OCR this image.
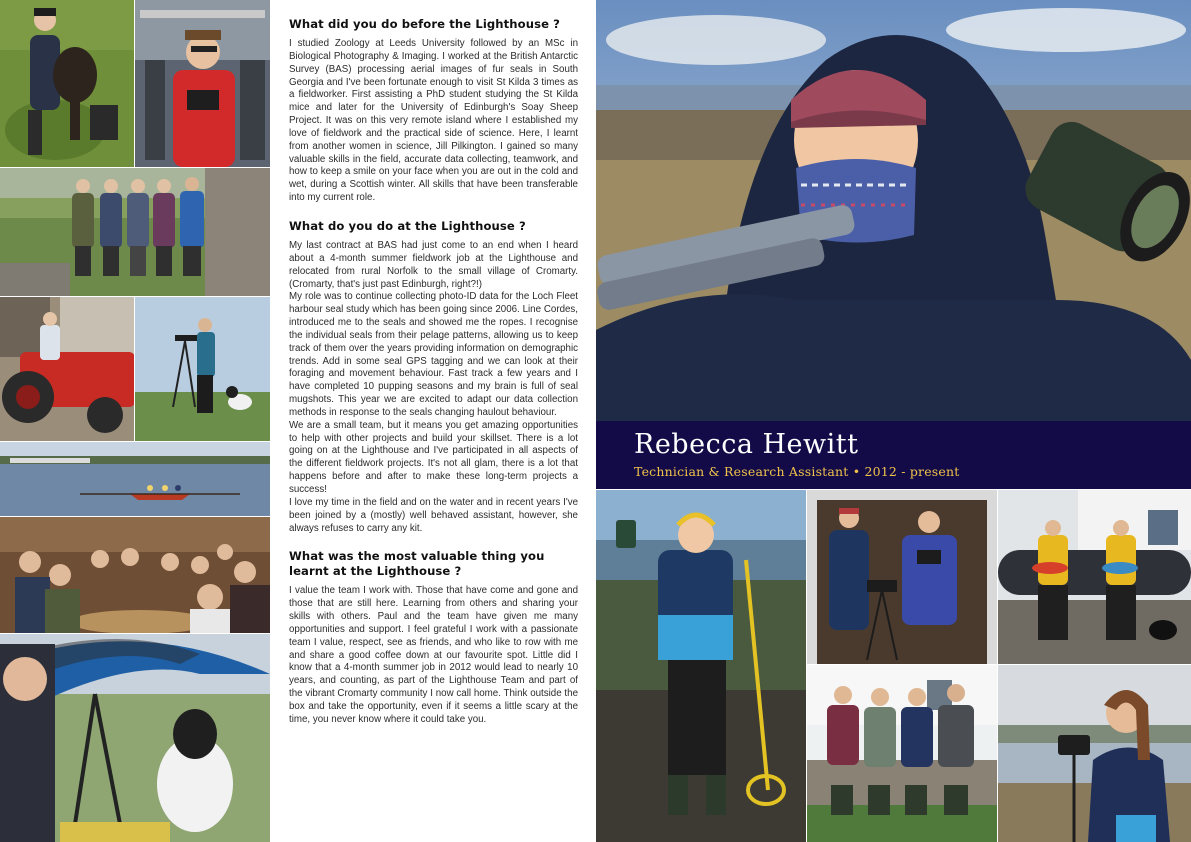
What did you do before the Lighthouse ?

I studied Zoology at Leeds University followed by an MSc in Biological Photography & Imaging. I worked at the British Antarctic Survey (BAS) processing aerial images of fur seals in South Georgia and I've been fortunate enough to visit St Kilda 3 times as a fieldworker. First assisting a PhD student studying the St Kilda mice and later for the University of Edinburgh's Soay Sheep Project. It was on this very remote island where I established my love of fieldwork and the practical side of science. Here, I learnt from another women in science, Jill Pilkington. I gained so many valuable skills in the field, accurate data collecting, teamwork, and how to keep a smile on your face when you are out in the cold and wet, during a Scottish winter. All skills that have been transferable into my current role.

What do you do at the Lighthouse ?

My last contract at BAS had just come to an end when I heard about a 4-month summer fieldwork job at the Lighthouse and relocated from rural Norfolk to the small village of Cromarty. (Cromarty, that's just past Edinburgh, right?!)

My role was to continue collecting photo-ID data for the Loch Fleet harbour seal study which has been going since 2006. Line Cordes, introduced me to the seals and showed me the ropes. I recognise the individual seals from their pelage patterns, allowing us to keep track of them over the years providing information on demographic trends. Add in some seal GPS tagging and we can look at their foraging and movement behaviour. Fast track a few years and I have completed 10 pupping seasons and my brain is full of seal mugshots. This year we are excited to adapt our data collection methods in response to the seals changing haulout behaviour.

We are a small team, but it means you get amazing opportunities to help with other projects and build your skillset. There is a lot going on at the Lighthouse and I've participated in all aspects of the different fieldwork projects. It's not all glam, there is a lot that happens before and after to make these long-term projects a success!

I love my time in the field and on the water and in recent years I've been joined by a (mostly) well behaved assistant, however, she always refuses to carry any kit.

What was the most valuable thing you learnt at the Lighthouse ?

I value the team I work with. Those that have come and gone and those that are still here. Learning from others and sharing your skills with others. Paul and the team have given me many opportunities and support. I feel grateful I work with a passionate team I value, respect, see as friends, and who like to row with me and share a good coffee down at our favourite spot. Little did I know that a 4-month summer job in 2012 would lead to nearly 10 years, and counting, as part of the Lighthouse Team and part of the vibrant Cromarty community I now call home. Think outside the box and take the opportunity, even if it seems a little scary at the time, you never know where it could take you.

Rebecca Hewitt
Technician & Research Assistant • 2012 - present
